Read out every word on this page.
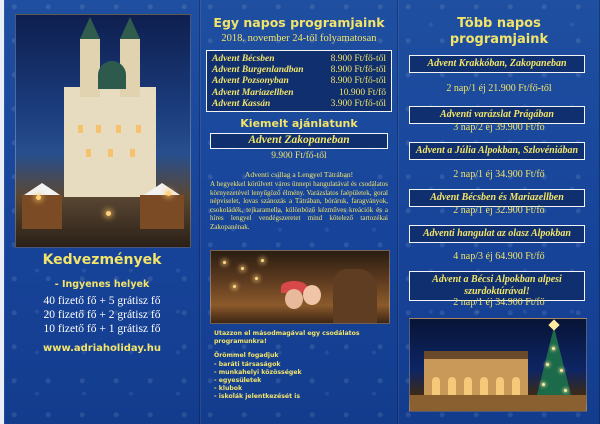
Kedvezmények
- Ingyenes helyek
40 fizető fő + 5 grátisz fő
20 fizető fő + 2 grátisz fő
10 fizető fő + 1 grátisz fő
www.adriaholiday.hu
Egy napos programjaink
2018. november 24-től folyamatosan
Advent Bécsben	8.900 Ft/fő-től
Advent Burgenlandban	8.900 Ft/fő-től
Advent Pozsonyban	8.900 Ft/fő-től
Advent Mariazellben	10.900 Ft/fő
Advent Kassán	3.900 Ft/fő-től
Kiemelt ajánlatunk
Advent Zakopaneban
9.900 Ft/fő-től
Adventi csillag a Lengyel Tátrában!
A hegyekkel körülvett város ünnepi hangulatával és csodálatos környezetével lenyűgöző élmény. Varázslatos faépületek, goral népviselet, lovas szánozás a Tátrában, bóráruk, faragványok, csokoládék, tejkaramella, különböző kézműves kreációk és a híres lengyel vendégszeretet mind kötelező tartozékai Zakopanénak.
Utazzon el másodmagával egy csodálatos programunkra!
Örömmel fogadjuk
- baráti társaságok
- munkahelyi közösségek
- egyesületek
- klubok
- iskolák jelentkezését is
Több napos
programjaink
Advent Krakkóban, Zakopaneban
2 nap/1 éj 21.900 Ft/fő-től
Adventi varázslat Prágában
3 nap/2 éj 39.900 Ft/fő
Advent a Júlia Alpokban, Szlovéniában
2 nap/1 éj 34.900 Ft/fő
Advent Bécsben és Mariazellben
2 nap/1 éj 32.900 Ft/fő
Adventi hangulat az olasz Alpokban
4 nap/3 éj 64.900 Ft/fő
Advent a Bécsi Alpokban alpesi szurdoktúrával!
2 nap/1 éj 34.900 Ft/fő
